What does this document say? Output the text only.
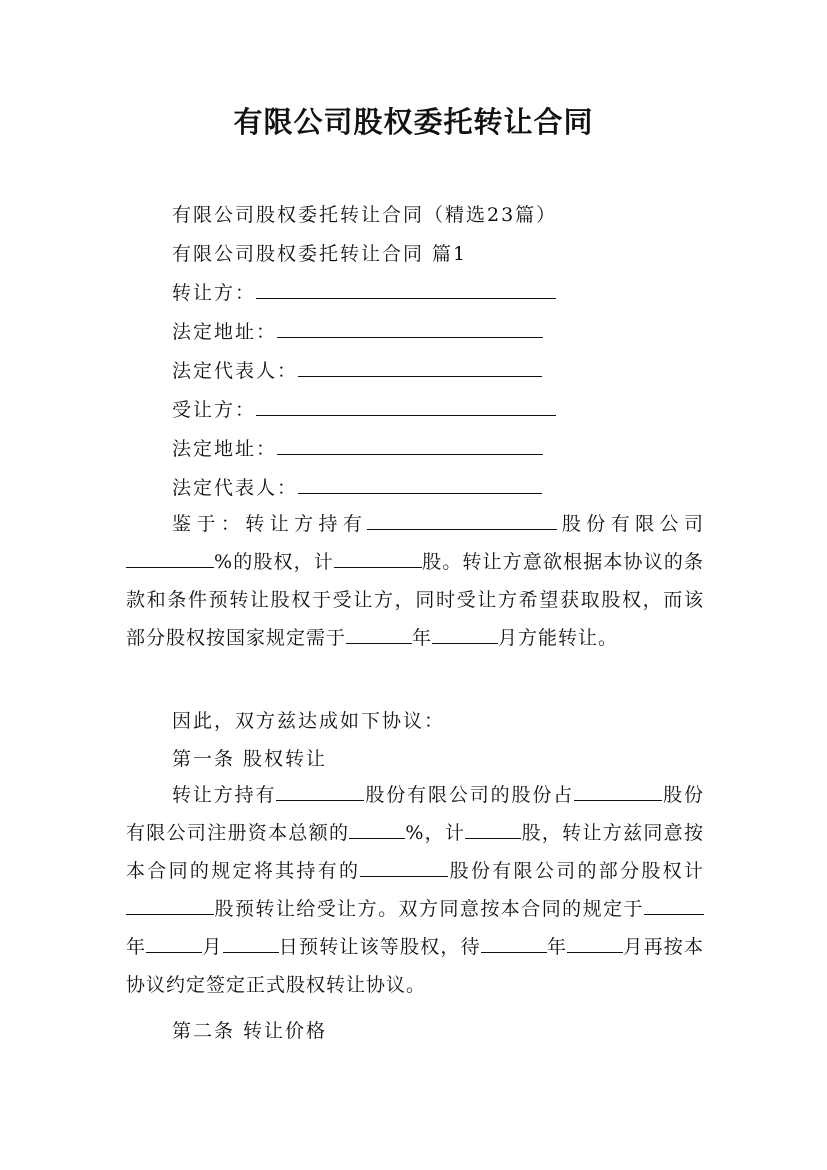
有限公司股权委托转让合同
有限公司股权委托转让合同（精选23篇）
有限公司股权委托转让合同 篇1
转让方：
法定地址：
法定代表人：
受让方：
法定地址：
法定代表人：
鉴于：转让方持有	股份有限公司%的股权，计	股。转让方意欲根据本协议的条款和条件预转让股权于受让方，同时受让方希望获取股权，而该部分股权按国家规定需于	年	月方能转让。
因此，双方兹达成如下协议：
第一条 股权转让
转让方持有	股份有限公司的股份占	股份有限公司注册资本总额的	%，计	股，转让方兹同意按本合同的规定将其持有的	股份有限公司的部分股权计股预转让给受让方。双方同意按本合同的规定于年	月	日预转让该等股权，待	年	月再按本协议约定签定正式股权转让协议。
第二条 转让价格
